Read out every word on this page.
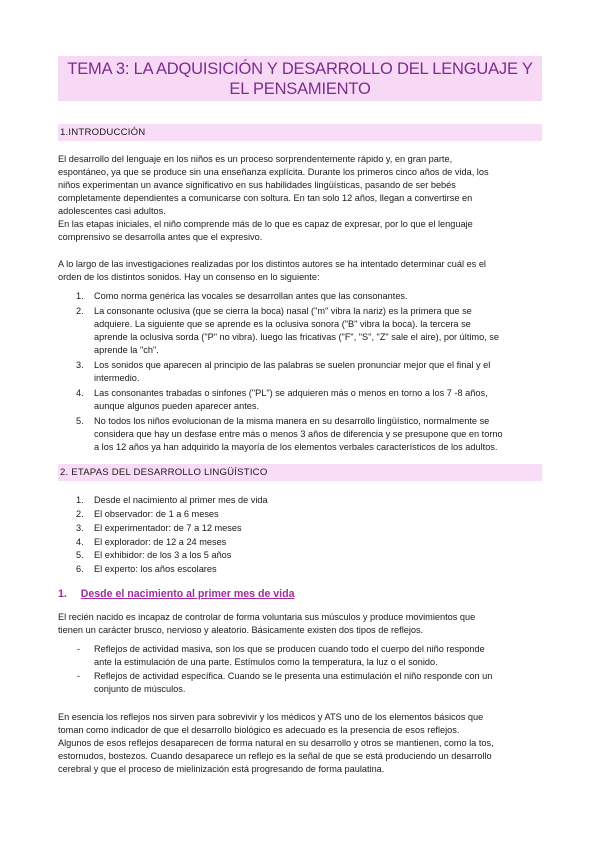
TEMA 3: LA ADQUISICIÓN Y DESARROLLO DEL LENGUAJE Y
EL PENSAMIENTO
1.INTRODUCCIÓN
El desarrollo del lenguaje en los niños es un proceso sorprendentemente rápido y, en gran parte,
espontáneo, ya que se produce sin una enseñanza explícita. Durante los primeros cinco años de vida, los
niños experimentan un avance significativo en sus habilidades lingüísticas, pasando de ser bebés
completamente dependientes a comunicarse con soltura. En tan solo 12 años, llegan a convertirse en
adolescentes casi adultos.
En las etapas iniciales, el niño comprende más de lo que es capaz de expresar, por lo que el lenguaje
comprensivo se desarrolla antes que el expresivo.
A lo largo de las investigaciones realizadas por los distintos autores se ha intentado determinar cuál es el
orden de los distintos sonidos. Hay un consenso en lo siguiente:
1. Como norma genérica las vocales se desarrollan antes que las consonantes.
2. La consonante oclusiva (que se cierra la boca) nasal ("m" vibra la nariz) es la primera que se
adquiere. La siguiente que se aprende es la oclusiva sonora ("B" vibra la boca). la tercera se
aprende la oclusiva sorda ("P" no vibra). luego las fricativas ("F", "S", "Z" sale el aire), por último, se
aprende la "ch".
3. Los sonidos que aparecen al principio de las palabras se suelen pronunciar mejor que el final y el
intermedio.
4. Las consonantes trabadas o sinfones ("PL") se adquieren más o menos en torno a los 7 -8 años,
aunque algunos pueden aparecer antes.
5. No todos los niños evolucionan de la misma manera en su desarrollo lingüístico, normalmente se
considera que hay un desfase entre más o menos 3 años de diferencia y se presupone que en torno
a los 12 años ya han adquirido la mayoría de los elementos verbales característicos de los adultos.
2. ETAPAS DEL DESARROLLO LINGÜÍSTICO
1. Desde el nacimiento al primer mes de vida
2. El observador: de 1 a 6 meses
3. El experimentador: de 7 a 12 meses
4. El explorador: de 12 a 24 meses
5. El exhibidor: de los 3 a los 5 años
6. El experto: los años escolares
1. Desde el nacimiento al primer mes de vida
El recién nacido es incapaz de controlar de forma voluntaria sus músculos y produce movimientos que
tienen un carácter brusco, nervioso y aleatorio. Básicamente existen dos tipos de reflejos.
- Reflejos de actividad masiva, son los que se producen cuando todo el cuerpo del niño responde
ante la estimulación de una parte. Estímulos como la temperatura, la luz o el sonido.
- Reflejos de actividad específica. Cuando se le presenta una estimulación el niño responde con un
conjunto de músculos.
En esencia los reflejos nos sirven para sobrevivir y los médicos y ATS uno de los elementos básicos que
toman como indicador de que el desarrollo biológico es adecuado es la presencia de esos reflejos.
Algunos de esos reflejos desaparecen de forma natural en su desarrollo y otros se mantienen, como la tos,
estornudos, bostezos. Cuando desaparece un reflejo es la señal de que se está produciendo un desarrollo
cerebral y que el proceso de mielinización está progresando de forma paulatina.
